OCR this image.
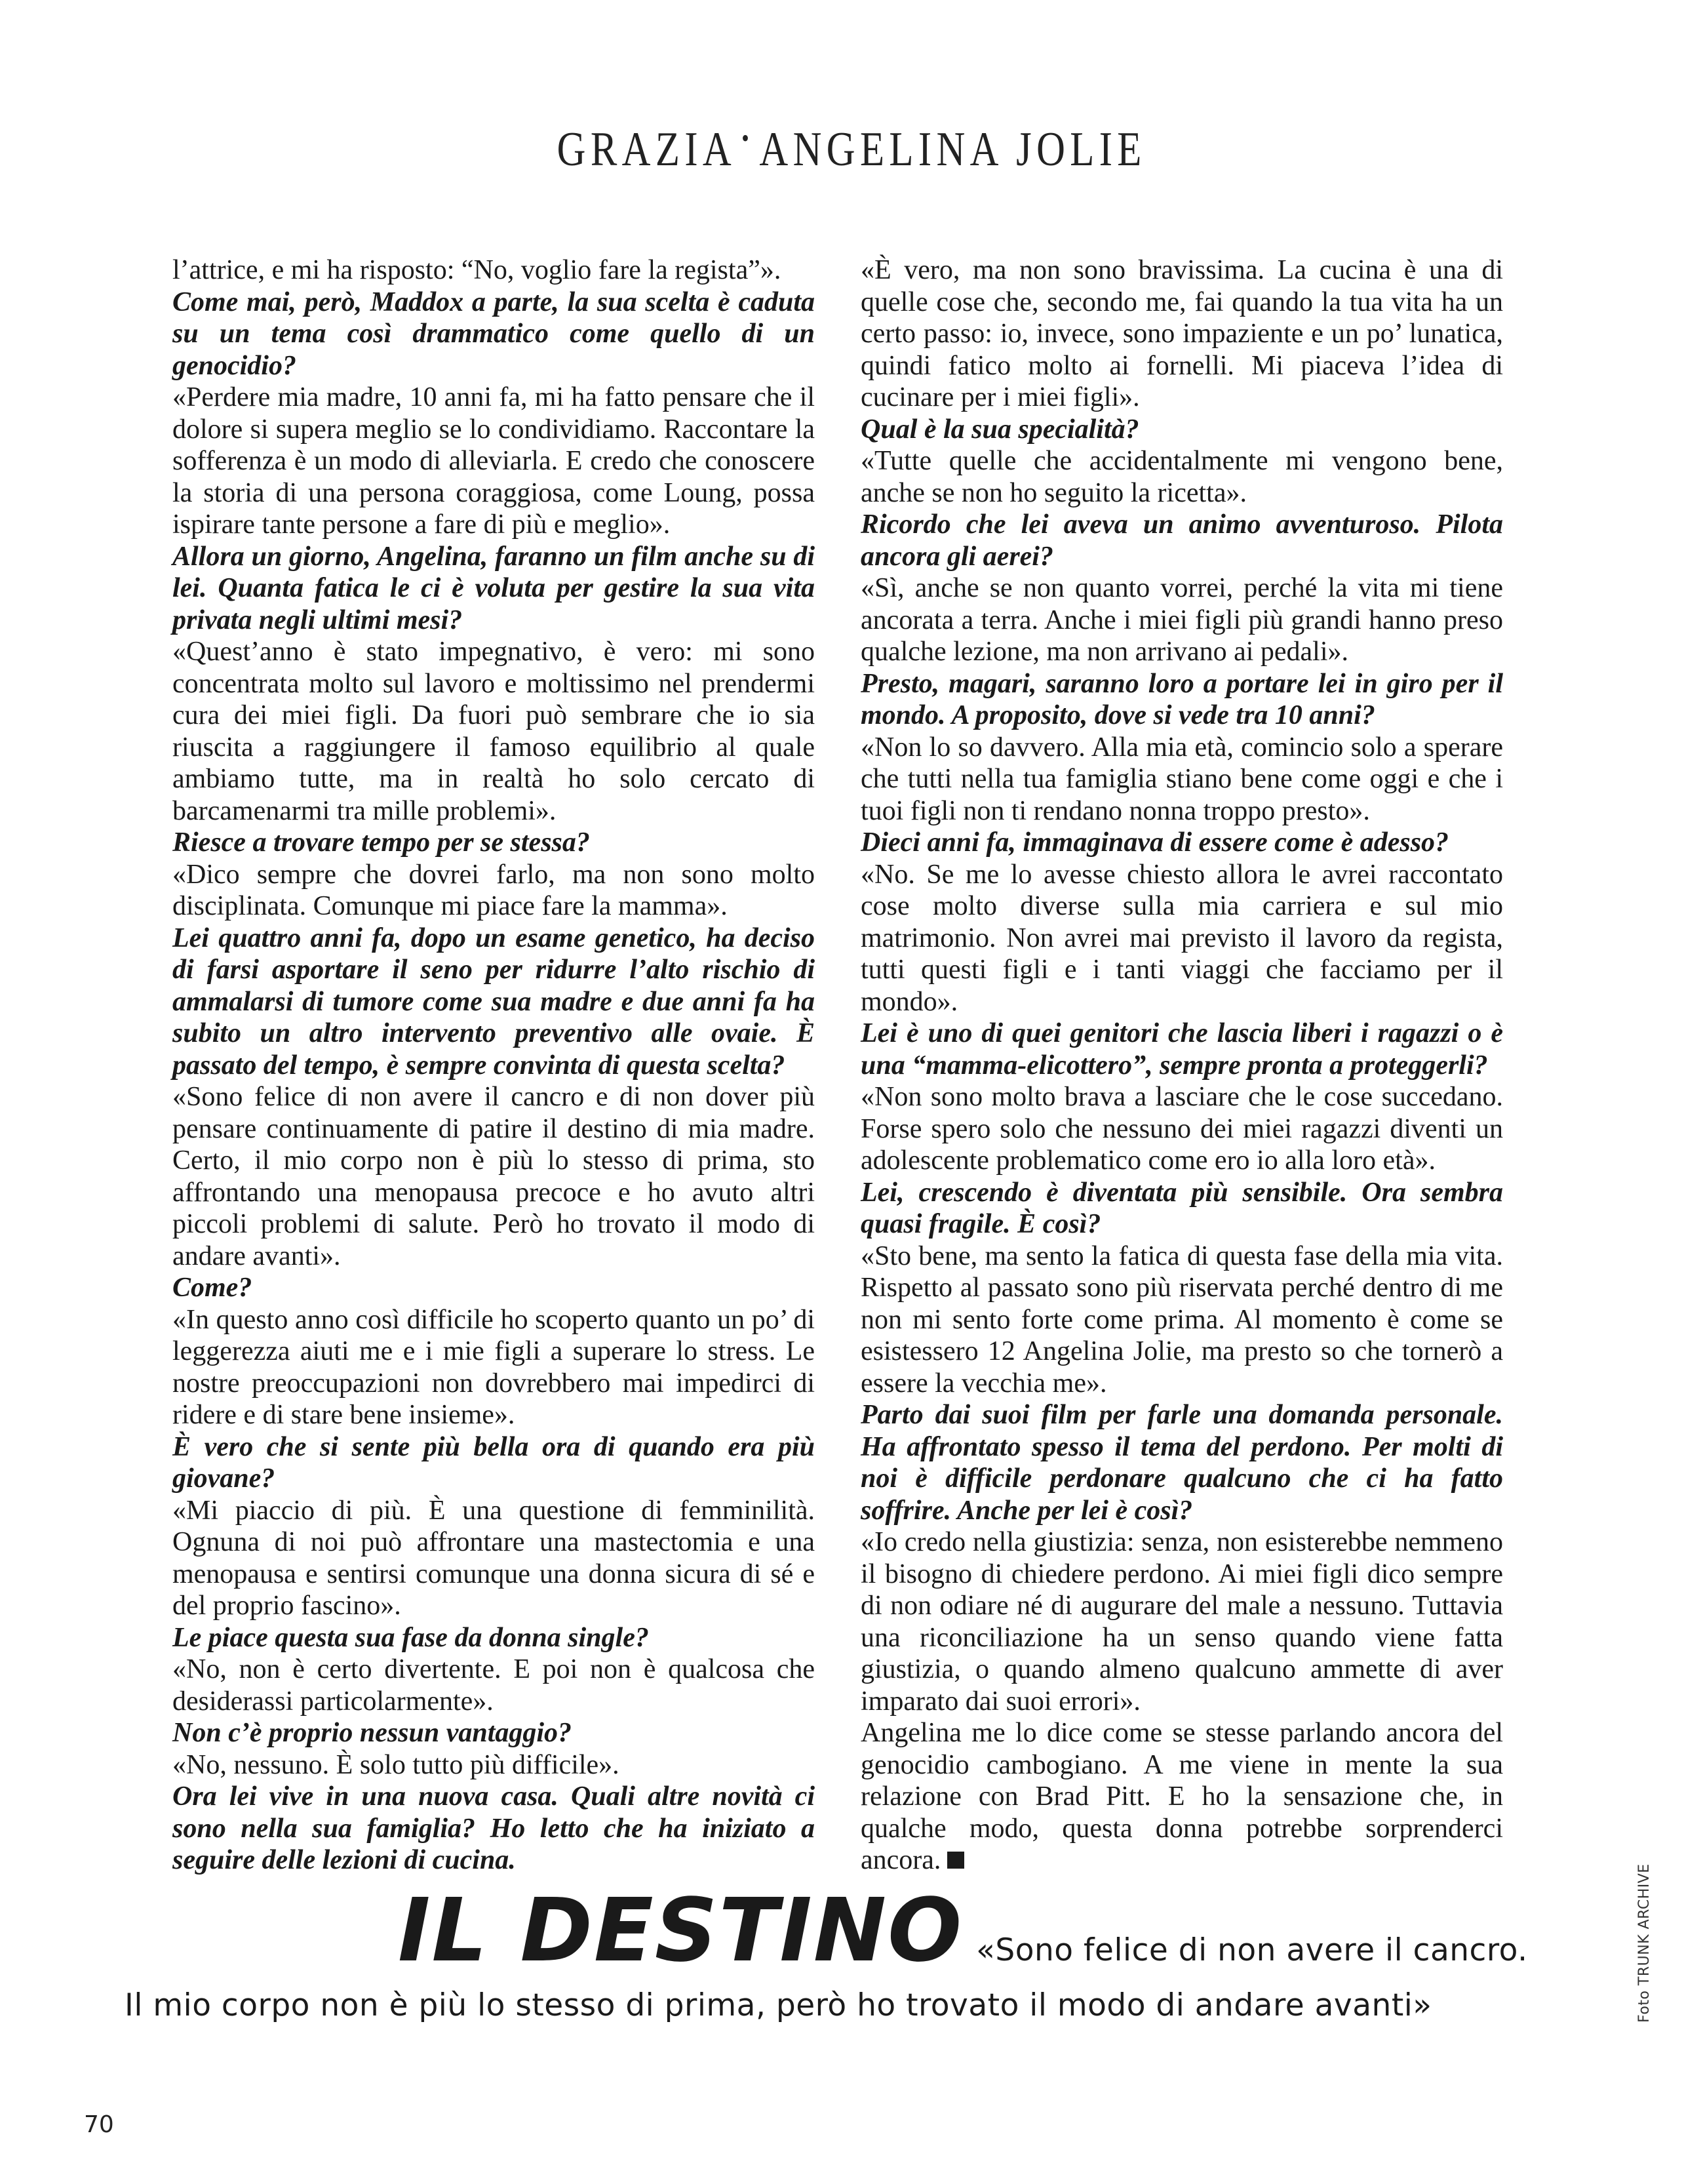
GRAZIA • ANGELINA JOLIE

l’attrice, e mi ha risposto: “No, voglio fare la regista”».

Come mai, però, Maddox a parte, la sua scelta è caduta su un tema così drammatico come quello di un genocidio?

«Perdere mia madre, 10 anni fa, mi ha fatto pensare che il dolore si supera meglio se lo condividiamo. Raccontare la sofferenza è un modo di alleviarla. E credo che conoscere la storia di una persona coraggiosa, come Loung, possa ispirare tante persone a fare di più e meglio».

Allora un giorno, Angelina, faranno un film anche su di lei. Quanta fatica le ci è voluta per gestire la sua vita privata negli ultimi mesi?

«Quest’anno è stato impegnativo, è vero: mi sono concentrata molto sul lavoro e moltissimo nel prendermi cura dei miei figli. Da fuori può sembrare che io sia riuscita a raggiungere il famoso equilibrio al quale ambiamo tutte, ma in realtà ho solo cercato di barcamenarmi tra mille problemi».

Riesce a trovare tempo per se stessa?

«Dico sempre che dovrei farlo, ma non sono molto disciplinata. Comunque mi piace fare la mamma».

Lei quattro anni fa, dopo un esame genetico, ha deciso di farsi asportare il seno per ridurre l’alto rischio di ammalarsi di tumore come sua madre e due anni fa ha subito un altro intervento preventivo alle ovaie. È passato del tempo, è sempre convinta di questa scelta?

«Sono felice di non avere il cancro e di non dover più pensare continuamente di patire il destino di mia madre. Certo, il mio corpo non è più lo stesso di prima, sto affrontando una menopausa precoce e ho avuto altri piccoli problemi di salute. Però ho trovato il modo di andare avanti».

Come?

«In questo anno così difficile ho scoperto quanto un po’ di leggerezza aiuti me e i mie figli a superare lo stress. Le nostre preoccupazioni non dovrebbero mai impedirci di ridere e di stare bene insieme».

È vero che si sente più bella ora di quando era più giovane?

«Mi piaccio di più. È una questione di femminilità. Ognuna di noi può affrontare una mastectomia e una menopausa e sentirsi comunque una donna sicura di sé e del proprio fascino».

Le piace questa sua fase da donna single?

«No, non è certo divertente. E poi non è qualcosa che desiderassi particolarmente».

Non c’è proprio nessun vantaggio?

«No, nessuno. È solo tutto più difficile».

Ora lei vive in una nuova casa. Quali altre novità ci sono nella sua famiglia? Ho letto che ha iniziato a seguire delle lezioni di cucina.

«È vero, ma non sono bravissima. La cucina è una di quelle cose che, secondo me, fai quando la tua vita ha un certo passo: io, invece, sono impaziente e un po’ lunatica, quindi fatico molto ai fornelli. Mi piaceva l’idea di cucinare per i miei figli».

Qual è la sua specialità?

«Tutte quelle che accidentalmente mi vengono bene, anche se non ho seguito la ricetta».

Ricordo che lei aveva un animo avventuroso. Pilota ancora gli aerei?

«Sì, anche se non quanto vorrei, perché la vita mi tiene ancorata a terra. Anche i miei figli più grandi hanno preso qualche lezione, ma non arrivano ai pedali».

Presto, magari, saranno loro a portare lei in giro per il mondo. A proposito, dove si vede tra 10 anni?

«Non lo so davvero. Alla mia età, comincio solo a sperare che tutti nella tua famiglia stiano bene come oggi e che i tuoi figli non ti rendano nonna troppo presto».

Dieci anni fa, immaginava di essere come è adesso?

«No. Se me lo avesse chiesto allora le avrei raccontato cose molto diverse sulla mia carriera e sul mio matrimonio. Non avrei mai previsto il lavoro da regista, tutti questi figli e i tanti viaggi che facciamo per il mondo».

Lei è uno di quei genitori che lascia liberi i ragazzi o è una “mamma-elicottero”, sempre pronta a proteggerli?

«Non sono molto brava a lasciare che le cose succedano. Forse spero solo che nessuno dei miei ragazzi diventi un adolescente problematico come ero io alla loro età».

Lei, crescendo è diventata più sensibile. Ora sembra quasi fragile. È così?

«Sto bene, ma sento la fatica di questa fase della mia vita. Rispetto al passato sono più riservata perché dentro di me non mi sento forte come prima. Al momento è come se esistessero 12 Angelina Jolie, ma presto so che tornerò a essere la vecchia me».

Parto dai suoi film per farle una domanda personale. Ha affrontato spesso il tema del perdono. Per molti di noi è difficile perdonare qualcuno che ci ha fatto soffrire. Anche per lei è così?

«Io credo nella giustizia: senza, non esisterebbe nemmeno il bisogno di chiedere perdono. Ai miei figli dico sempre di non odiare né di augurare del male a nessuno. Tuttavia una riconciliazione ha un senso quando viene fatta giustizia, o quando almeno qualcuno ammette di aver imparato dai suoi errori».

Angelina me lo dice come se stesse parlando ancora del genocidio cambogiano. A me viene in mente la sua relazione con Brad Pitt. E ho la sensazione che, in qualche modo, questa donna potrebbe sorprenderci ancora.

IL DESTINO «Sono felice di non avere il cancro.
Il mio corpo non è più lo stesso di prima, però ho trovato il modo di andare avanti»
70
Foto TRUNK ARCHIVE
